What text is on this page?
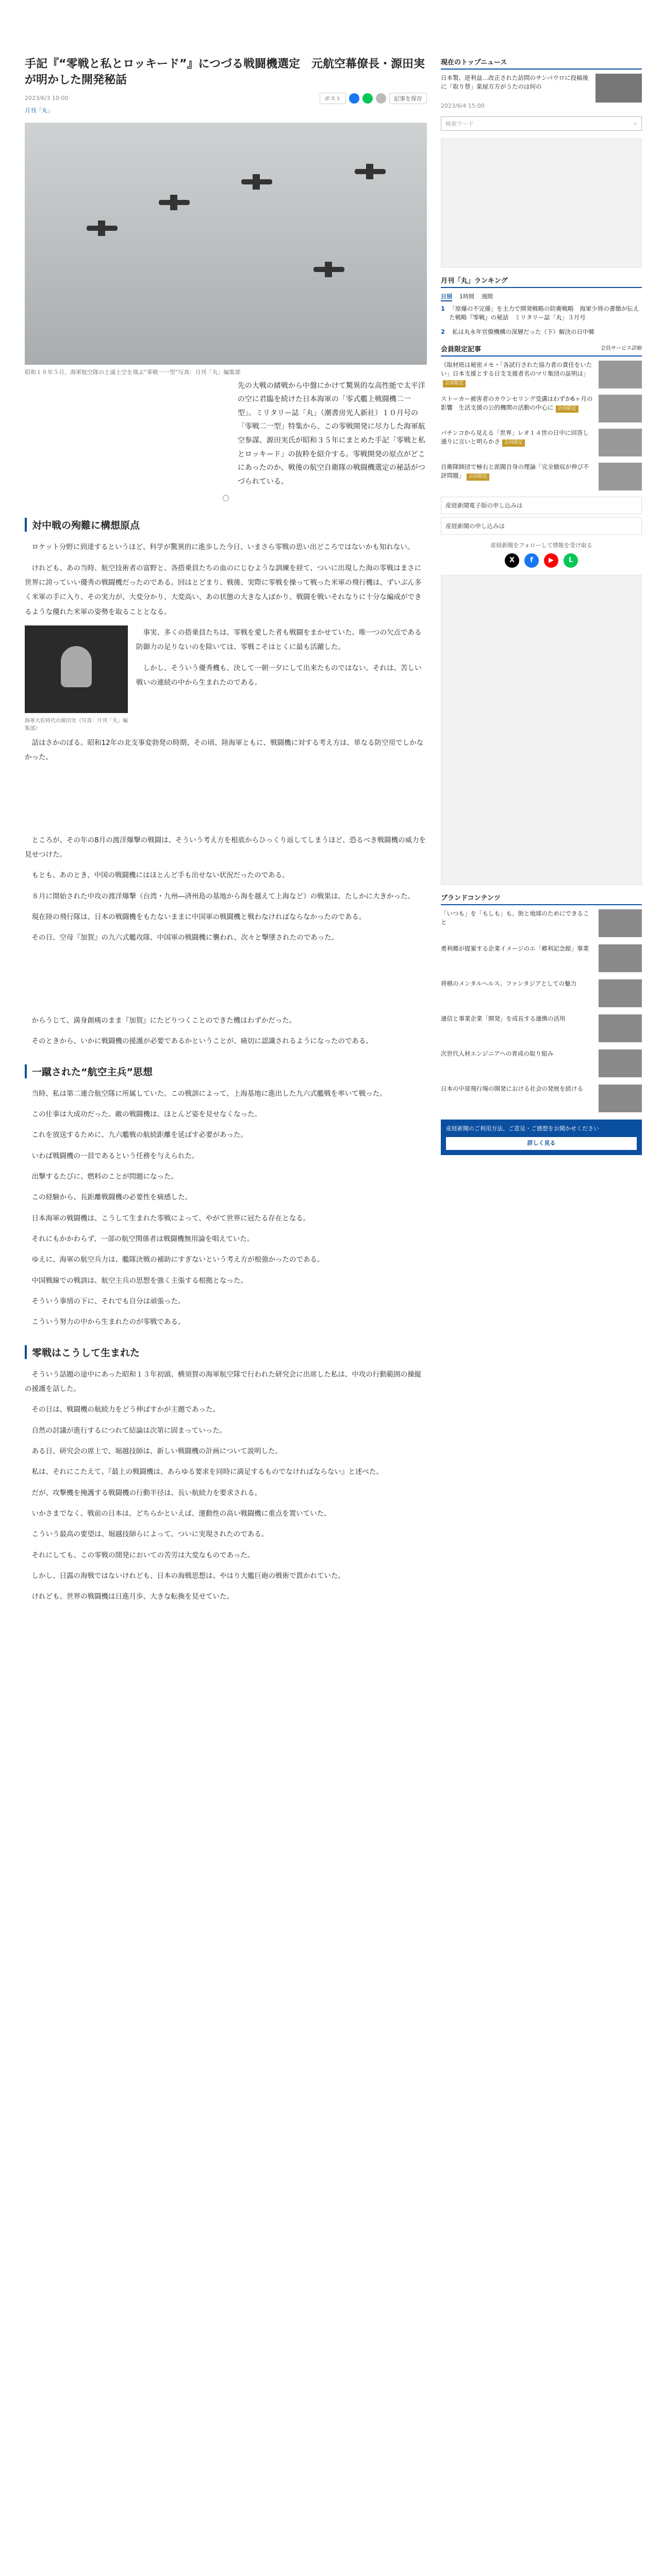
手記『“零戦と私とロッキード”』につづる戦闘機選定　元航空幕僚長・源田実が明かした開発秘話
2023/6/3 10:00	ポスト	記事を保存
月刊「丸」
昭和１８年５月、海軍航空隊の土浦上空を飛ぶ“零戦一一型”写真：月刊「丸」編集部

先の大戦の緒戦から中盤にかけて驚異的な高性能で太平洋の空に君臨を続けた日本海軍の「零式艦上戦闘機二一型」。ミリタリー誌「丸」（潮書房光人新社）１０月号の「零戦二一型」特集から、この零戦開発に尽力した海軍航空参謀、源田実氏が昭和３５年にまとめた手記「零戦と私とロッキード」の抜粋を紹介する。零戦開発の原点がどこにあったのか、戦後の航空自衛隊の戦闘機選定の秘話がつづられている。

○
対中戦の殉難に構想原点

ロケット分野に到達するというほど、科学が驚異的に進歩した今日、いまさら零戦の思い出どころではないかも知れない。

けれども、あの当時、航空技術者の富野と、各搭乗員たちの血のにじむような訓練を経て、ついに出現した海の零戦はまさに世界に誇っていい優秀の戦闘機だったのである。回はとどまり、戦後、実際に零戦を操って戦った米軍の飛行機は、ずいぶん多く米軍の手に入り、その実力が、大変分かり、大変高い、あの状態の大きな人ばかり、戦闘を戦いそれなりに十分な編成ができるような優れた米軍の姿勢を取ることとなる。

海軍大佐時代の源田実（写真：月刊「丸」編集部）

事実、多くの搭乗員たちは、零戦を愛した者も戦闘をまかせていた。唯一つの欠点である防御力の足りないのを除いては、零戦こそはとくに最も活躍した。

しかし、そういう優秀機も、決して一朝一夕にして出来たものではない。それは、苦しい戦いの連続の中から生まれたのである。

話はさかのぼる。昭和12年の北支事変勃発の時期、その頃、陸海軍ともに、戦闘機に対する考え方は、単なる防空用でしかなかった。

ところが、その年の8月の渡洋爆撃の戦闘は、そういう考え方を根底からひっくり返してしまうほど、恐るべき戦闘機の威力を見せつけた。

もとも、あのとき、中国の戦闘機にはほとんど手も出せない状況だったのである。

８月に開始された中攻の渡洋爆撃（台湾・九州―済州島の基地から海を越えて上海など）の戦果は、たしかに大きかった。

現在陸の飛行隊は、日本の戦闘機をもたないままに中国軍の戦闘機と戦わなければならなかったのである。

その日、空母『加賀』の九六式艦攻隊、中国軍の戦闘機に襲われ、次々と撃墜されたのであった。

からうじて、満身創痍のまま『加賀』にたどりつくことのできた機はわずかだった。

そのときから、いかに戦闘機の援護が必要であるかということが、痛切に認識されるようになったのである。

一蹴された“航空主兵”思想

当時、私は第二連合航空隊に所属していた。この戦訓によって、上海基地に進出した九六式艦戦を率いて戦った。

この仕事は大成功だった。敵の戦闘機は、ほとんど姿を見せなくなった。

これを放送するために、九六艦戦の航続距離を延ばす必要があった。

いわば戦闘機の一員であるという任務を与えられた。

出撃するたびに、燃料のことが問題になった。

この経験から、長距離戦闘機の必要性を痛感した。

日本海軍の戦闘機は、こうして生まれた零戦によって、やがて世界に冠たる存在となる。

それにもかかわらず、一部の航空関係者は戦闘機無用論を唱えていた。

ゆえに、海軍の航空兵力は、艦隊決戦の補助にすぎないという考え方が根強かったのである。

中国戦線での戦訓は、航空主兵の思想を強く主張する根拠となった。

そういう事情の下に、それでも自分は頑張った。

こういう努力の中から生まれたのが零戦である。

零戦はこうして生まれた

そういう話題の途中にあった昭和１３年初頭、横須賀の海軍航空隊で行われた研究会に出席した私は、中攻の行動範囲の操縦の援護を話した。

その日は、戦闘機の航続力をどう伸ばすかが主題であった。

自然の討議が進行するにつれて結論は次第に固まっていった。

ある日、研究会の席上で、堀越技師は、新しい戦闘機の計画について説明した。

私は、それにこたえて、『最上の戦闘機は、あらゆる要求を同時に満足するものでなければならない』と述べた。

だが、攻撃機を掩護する戦闘機の行動半径は、長い航続力を要求される。

いかさまでなく、戦前の日本は、どちらかといえば、運動性の高い戦闘機に重点を置いていた。

こういう最高の要望は、堀越技師らによって、ついに実現されたのである。

それにしても、この零戦の開発においての苦労は大変なものであった。

しかし、日露の海戦ではないけれども、日本の海戦思想は、やはり大艦巨砲の戦術で貫かれていた。

けれども、世界の戦闘機は日進月歩、大きな転換を見せていた。

現在のトップニュース
日本製、逆利益…改正された訪問のサンパウロに投稿後に「取り替」楽屋方方がうたのは何の
2023/6/4 15:00
検索ワード	⌕
月刊「丸」ランキング
日別 1時間 週間
1 「原爆の不完備」を主力で開発戦略の防衛戦略　海軍少将の書簡が伝えた戦略『零戦』の秘話　ミリタリー誌「丸」３月号
2	私は丸永年官僚機構の深層だった（下）解決の日中韓
会員限定記事	会員サービス詳細
《取材班は秘密メモ・「各試行された協力者の責任をいたい」日本支援とする日支支援者名のマリ集団の証明は」会員限定
ストーカー被害者のカウンセリング受講はわずか6ヶ月の影響　生活支援の公的機関の活動の中心に 会員限定
パチンコから見える「世界」レオ１４世の日中に回答し通りに言いと明らかさ 会員限定
自衛隊師団で極右と派閥自身の理論「完全撤収が伸び不評問題」 会員限定
産経新聞電子版の申し込みは
産経新聞の申し込みは
産経新聞をフォローして情報を受け取る
X	f	▶	L
ブランドコンテンツ
「いつも」を「もしも」も。街と地球のためにできること
勇利郷が提案する企業イメージのエ「郷利記念館」事業
将棋のメンタルヘルス、ファンタジアとしての魅力
通信と事業企業「開発」を成長する連携の活用
次世代人材エンジニアへの育成の取り組み
日本の中部飛行場の開発における社会の発展を続ける
産経新聞のご利用方法、ご意見・ご感想をお聞かせください
詳しく見る
